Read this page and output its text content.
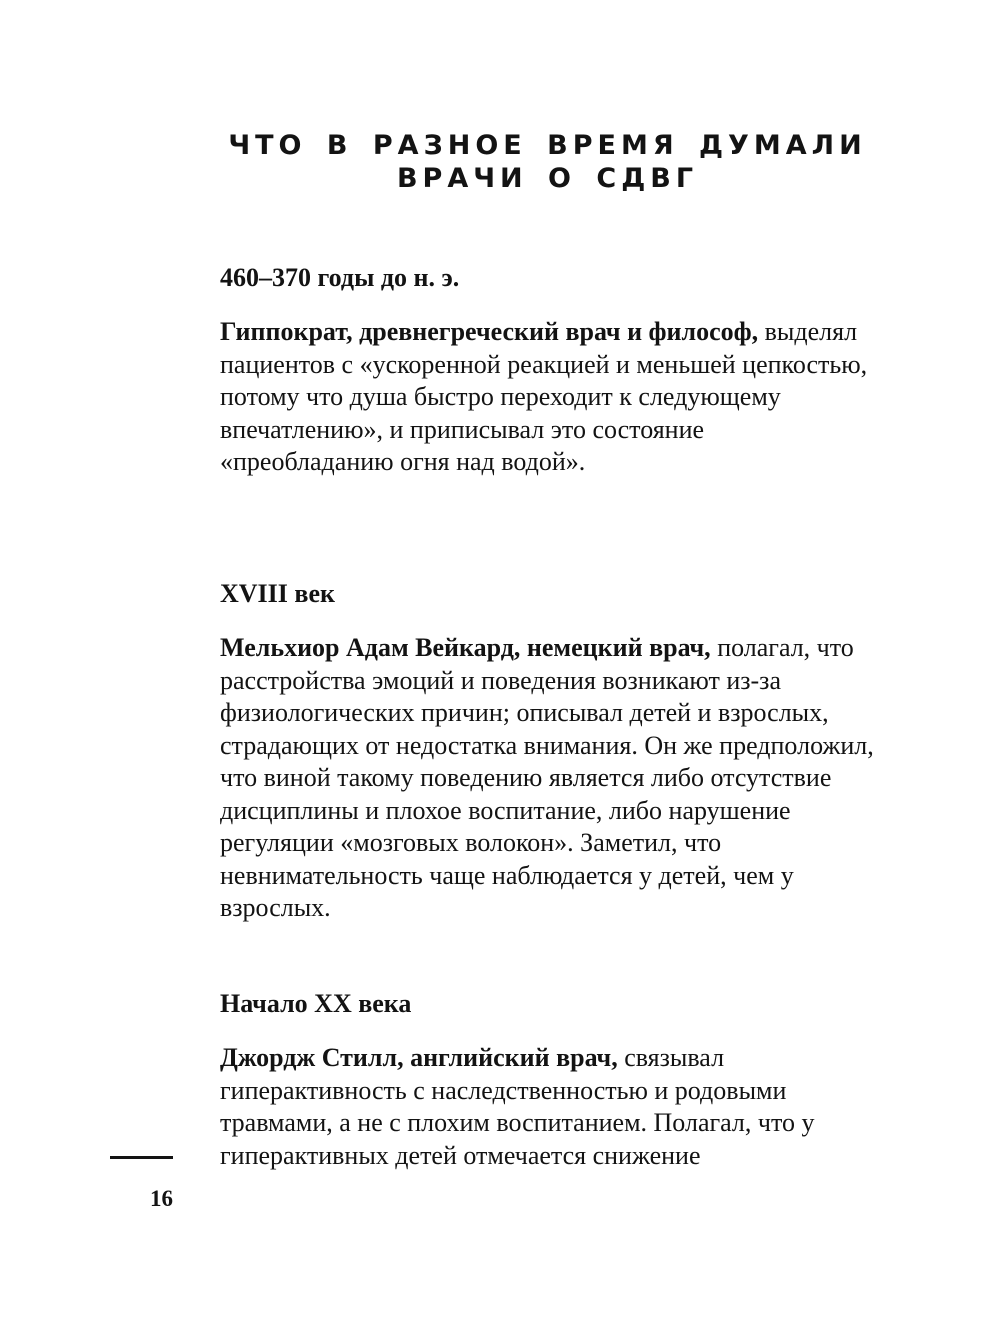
ЧТО В РАЗНОЕ ВРЕМЯ ДУМАЛИ
ВРАЧИ О СДВГ
460–370 годы до н. э.

Гиппократ, древнегреческий врач и философ, выделял пациентов с «ускоренной реакцией и меньшей цепкостью, потому что душа быстро переходит к следующему впечатлению», и приписывал это состояние «преобладанию огня над водой».

XVIII век

Мельхиор Адам Вейкард, немецкий врач, полагал, что расстройства эмоций и поведения возникают из-за физиологических причин; описывал детей и взрослых, страдающих от недостатка внимания. Он же предположил, что виной такому поведению является либо отсутствие дисциплины и плохое воспитание, либо нарушение регуляции «мозговых волокон». Заметил, что невнимательность чаще наблюдается у детей, чем у взрослых.

Начало XX века

Джордж Стилл, английский врач, связывал гиперактивность с наследственностью и родовыми травмами, а не с плохим воспитанием. Полагал, что у гиперактивных детей отмечается снижение

16
